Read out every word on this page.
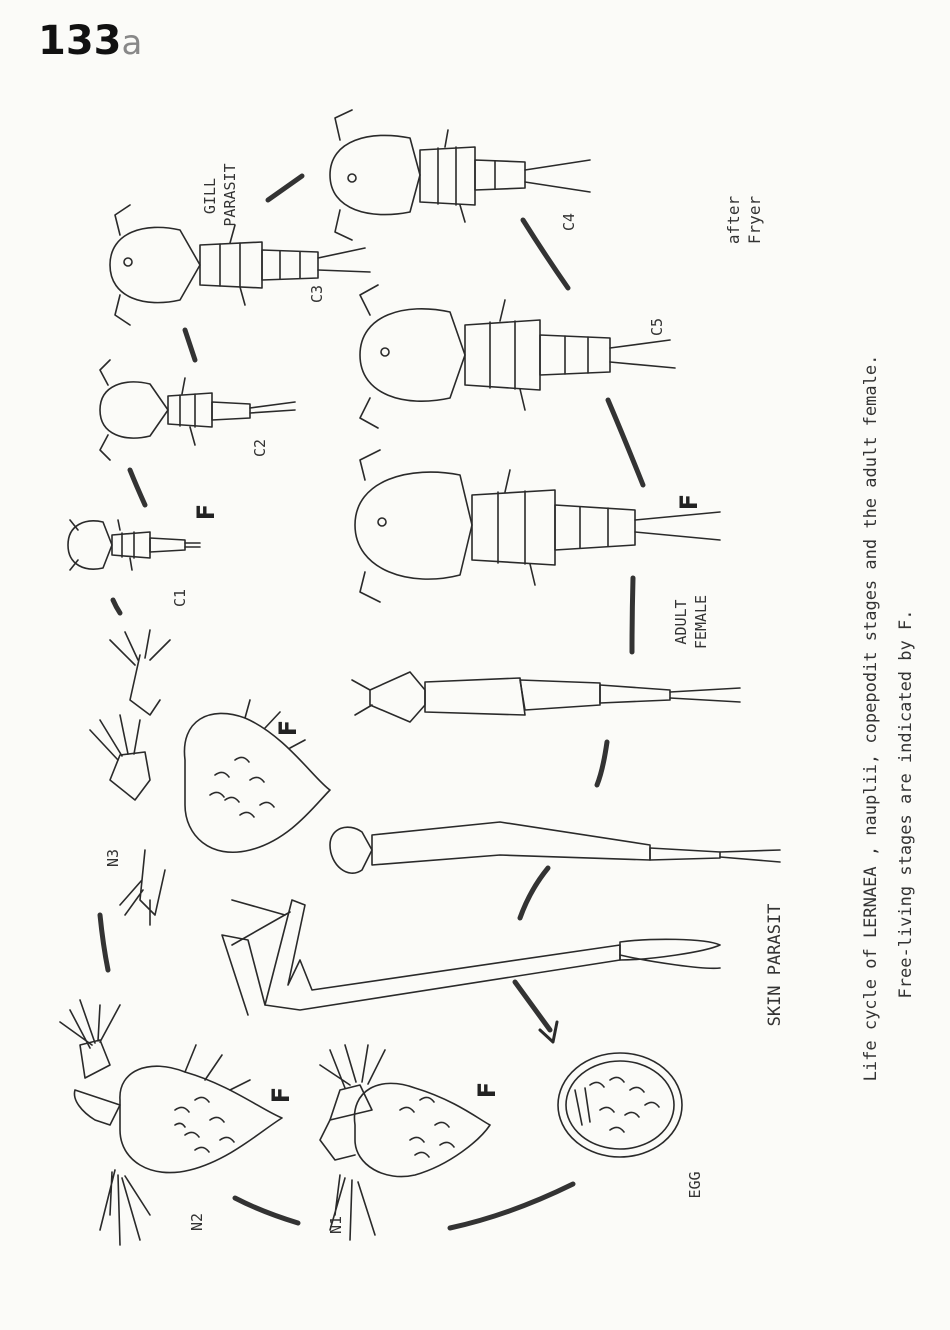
133a
N2	N1
N3
C1
C2
C3
C4
C5
GILL PARASIT
ADULT FEMALE
SKIN PARASIT
EGG
F	F
F
F
F
after Fryer
Life cycle of LERNAEA , nauplii, copepodit stages and the adult female. Free-living stages are indicated by F.
